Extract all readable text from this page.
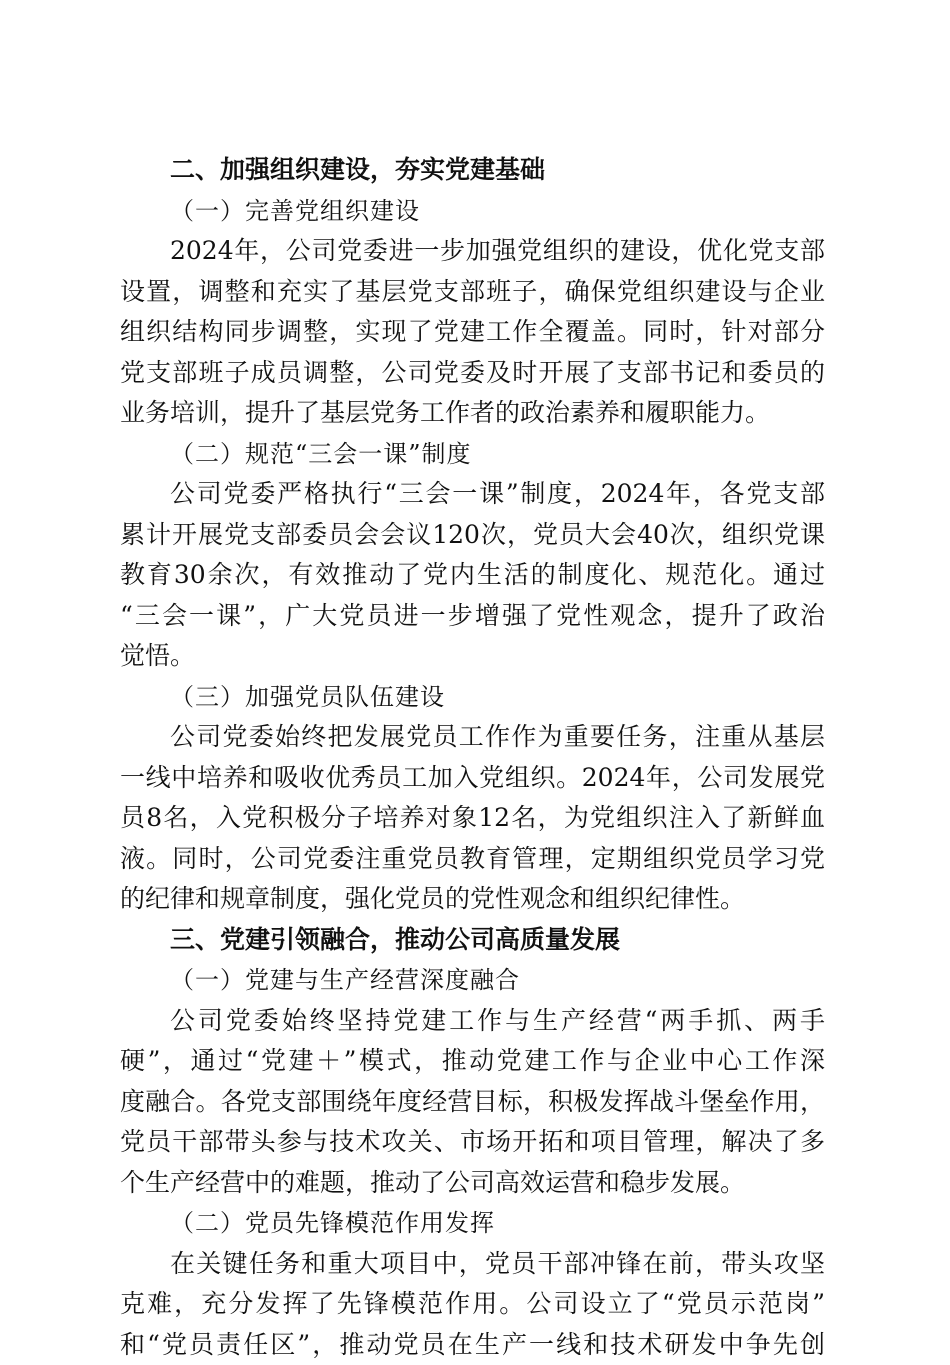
二、加强组织建设，夯实党建基础
（一）完善党组织建设
2024年，公司党委进一步加强党组织的建设，优化党支部
设置，调整和充实了基层党支部班子，确保党组织建设与企业
组织结构同步调整，实现了党建工作全覆盖。同时，针对部分
党支部班子成员调整，公司党委及时开展了支部书记和委员的
业务培训，提升了基层党务工作者的政治素养和履职能力。
（二）规范“三会一课”制度
公司党委严格执行“三会一课”制度，2024年，各党支部
累计开展党支部委员会会议120次，党员大会40次，组织党课
教育30余次，有效推动了党内生活的制度化、规范化。通过
“三会一课”，广大党员进一步增强了党性观念，提升了政治
觉悟。
（三）加强党员队伍建设
公司党委始终把发展党员工作作为重要任务，注重从基层
一线中培养和吸收优秀员工加入党组织。2024年，公司发展党
员8名，入党积极分子培养对象12名，为党组织注入了新鲜血
液。同时，公司党委注重党员教育管理，定期组织党员学习党
的纪律和规章制度，强化党员的党性观念和组织纪律性。
三、党建引领融合，推动公司高质量发展
（一）党建与生产经营深度融合
公司党委始终坚持党建工作与生产经营“两手抓、两手
硬”，通过“党建＋”模式，推动党建工作与企业中心工作深
度融合。各党支部围绕年度经营目标，积极发挥战斗堡垒作用，
党员干部带头参与技术攻关、市场开拓和项目管理，解决了多
个生产经营中的难题，推动了公司高效运营和稳步发展。
（二）党员先锋模范作用发挥
在关键任务和重大项目中，党员干部冲锋在前，带头攻坚
克难，充分发挥了先锋模范作用。公司设立了“党员示范岗”
和“党员责任区”，推动党员在生产一线和技术研发中争先创
